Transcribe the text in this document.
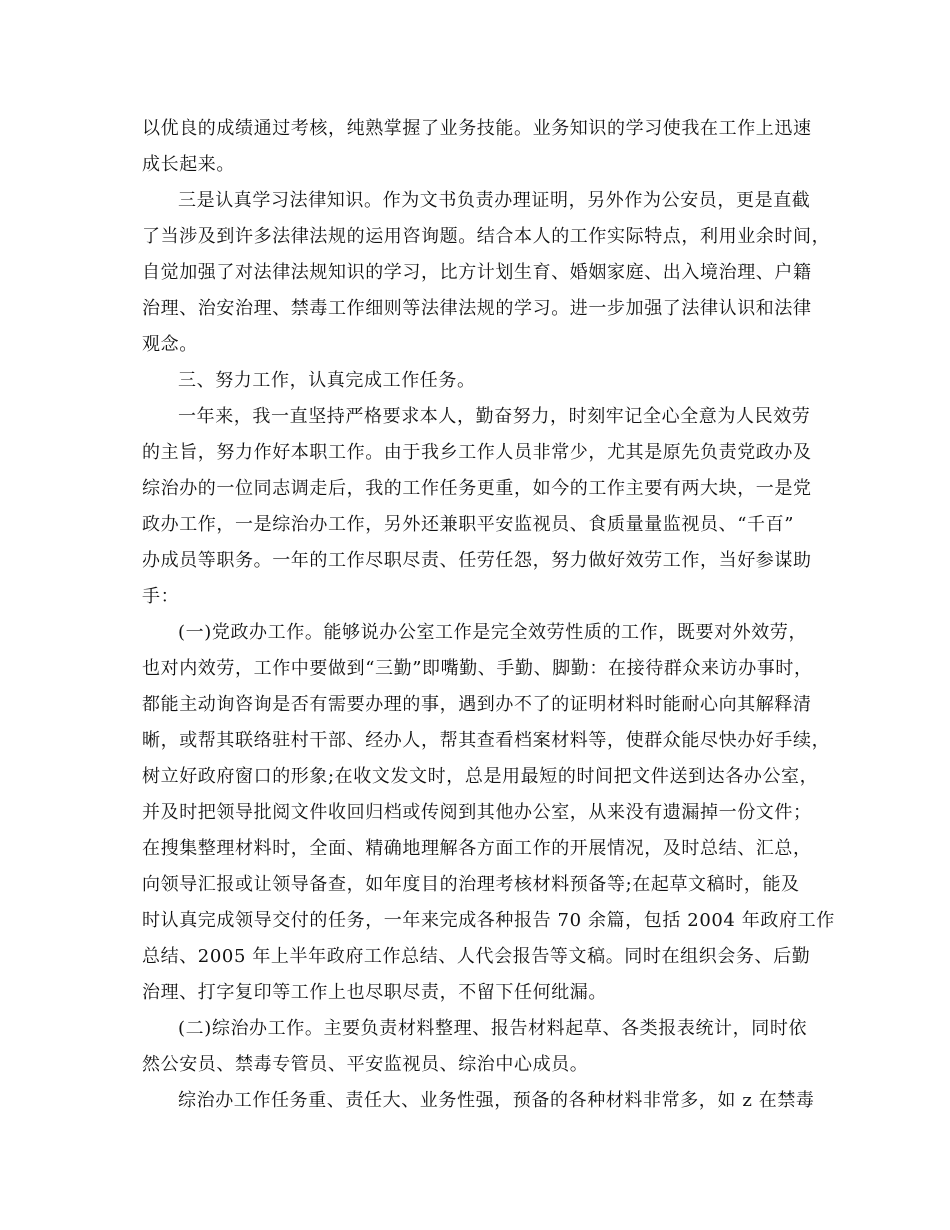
以优良的成绩通过考核，纯熟掌握了业务技能。业务知识的学习使我在工作上迅速
成长起来。
三是认真学习法律知识。作为文书负责办理证明，另外作为公安员，更是直截
了当涉及到许多法律法规的运用咨询题。结合本人的工作实际特点，利用业余时间，
自觉加强了对法律法规知识的学习，比方计划生育、婚姻家庭、出入境治理、户籍
治理、治安治理、禁毒工作细则等法律法规的学习。进一步加强了法律认识和法律
观念。
三、努力工作，认真完成工作任务。
一年来，我一直坚持严格要求本人，勤奋努力，时刻牢记全心全意为人民效劳
的主旨，努力作好本职工作。由于我乡工作人员非常少，尤其是原先负责党政办及
综治办的一位同志调走后，我的工作任务更重，如今的工作主要有两大块，一是党
政办工作，一是综治办工作，另外还兼职平安监视员、食质量量监视员、“千百”
办成员等职务。一年的工作尽职尽责、任劳任怨，努力做好效劳工作，当好参谋助
手：
(一)党政办工作。能够说办公室工作是完全效劳性质的工作，既要对外效劳，
也对内效劳，工作中要做到“三勤”即嘴勤、手勤、脚勤：在接待群众来访办事时，
都能主动询咨询是否有需要办理的事，遇到办不了的证明材料时能耐心向其解释清
晰，或帮其联络驻村干部、经办人，帮其查看档案材料等，使群众能尽快办好手续，
树立好政府窗口的形象;在收文发文时，总是用最短的时间把文件送到达各办公室，
并及时把领导批阅文件收回归档或传阅到其他办公室，从来没有遗漏掉一份文件；
在搜集整理材料时，全面、精确地理解各方面工作的开展情况，及时总结、汇总，
向领导汇报或让领导备查，如年度目的治理考核材料预备等;在起草文稿时，能及
时认真完成领导交付的任务，一年来完成各种报告 70 余篇，包括 2004 年政府工作
总结、2005 年上半年政府工作总结、人代会报告等文稿。同时在组织会务、后勤
治理、打字复印等工作上也尽职尽责，不留下任何纰漏。
(二)综治办工作。主要负责材料整理、报告材料起草、各类报表统计，同时依
然公安员、禁毒专管员、平安监视员、综治中心成员。
综治办工作任务重、责任大、业务性强，预备的各种材料非常多，如 z 在禁毒
